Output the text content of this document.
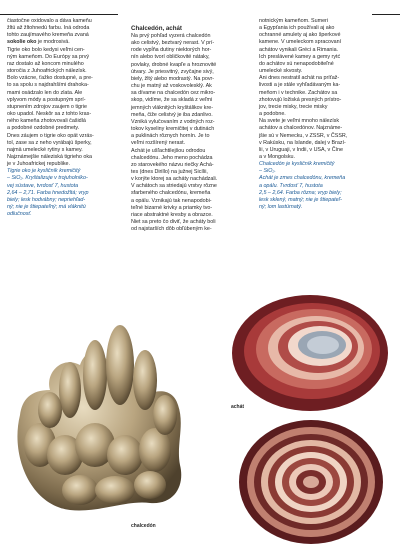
čiastočne oxidovalo a dáva kameňu

žltú až žltohnedú farbu. Iná odroda

tohto zaujímavého kremeňa zvaná

sokolie oko je modrosivá.

Tigrie oko bolo kedysi veľmi cen-

ným kameňom. Do Európy sa prvý

raz dostalo až koncom minulého

storočia z Juhoafrických nálezísk.

Bolo vzácne, ťažko dostupné, a pre-

to sa spolu s najdrahšími drahoka-

mami osádzalo len do zlata. Ale

vplyvom módy a postupným sprí-

stupnením zdrojov zaujem o tigrie

oko upadol. Neskôr sa z tohto kras-

ného kameňa zhotovovali čašidlá

a podobné ozdobné predmety.

Dnes záujem o tigrie oko opät vzrás-

tol, zase sa z neho vyrábajú šperky,

najmä umelecké rytiny s kamey.

Najznámejšie náleziská tigrieho oka

je v Juhoafrickej republike.

Tigrie oko je kysličník kremičitý

– SiO₂. Kryštalizuje v trojuholníko-

vej sústave, tvrdosť 7, hustota

2,64 – 2,71. Farba hnedožltá; vryp

biely; lesk hodvábny; nepriehľad-

ný; nie je štiepateľný; má vláknitú

odlučnosť.

Chalcedón, achát

Na prvý pohľad vyzerá chalcedón

ako celistvý, beztvarý nerast. V prí-

rode vypĺňa dutiny niektorých hor-

nín alebo tvorí obličkovité nátaky,

povlaky, drobné kvapľe a hroznovité

útvary. Je priesvitný, zvyčajne sivý,

biely, žltý alebo modrastý. Na povr-

chu je matný až voskovolesklý. Ak

sa dívame na chalcedón cez mikro-

skop, vidíme, že sa skladá z veľmi

jemných vláknitých kryštálikov kre-

meňa, čiže celistvý je iba zdanlivo.

Vzniká vylučovaním z vodných roz-

tokov kyseliny kremičitej v dutinách

a puklinách rôznych hornín. Je to

veľmi rozšírený nerast.

Achát je ušľachtilejšou odrodou

chalcedónu. Jeho meno pochádza

zo starovekého názvu riečky Achá-

tes (dnes Dirillo) na južnej Sicílii,

v korýte ktorej sa acháty nachádzali.

V achátoch sa striedajú vrstvy rôzne

sfarbeného chalcedónu, kremeňa

a opálu. Vznikajú tak nenapodobi-

teľné bizarné krivky a priamky tvo-

riace abstraktné kresby a obrazce.

Niet sa preto čo diviť, že acháty boli

od najstarších dôb obľúbeným ke-

notnickým kameňom. Sumeri

a Egypťania ich používali aj ako

ochranné amulety aj ako šperkové

kamene. V umeleckom spracovaní

achátov vynikali Gréci a Rimania.

Ich preslávené kamey a gemy rytć

do achátov sú nenapodobiteľné

umelecké skvosty.

Ani dnes nestratil achát na príťaž-

livosti a je stále vyhľadávaným ka-

meňom i v technike. Zachátov sa

zhotovujú ložiská presných prístro-

jov, trecie misky, trecie misky

a podobne.

Na svete je veľmi mnoho nálezísk

achátov a chalcedónov. Najznáme-

jšie sú v Nemecku, v ZSSR, v ČSSR,

v Rakúsku, na Islande, daleј v Brazí-

lii, v Uruguaji, v Indii, v USA, v Číne

a v Mongolsku.

Chalcedón je kysličník kremičitý

– SiO₂.

Achát je zmes chalcedónu, kremeňa

a opálu. Tvrdosť 7, hustota

2,5 – 2,64. Farba rôzna; vryp biely;

lesk sklený, matný; nie je štiepateľ-

ný; lom lastúrnatý.

achát
chalcedón
